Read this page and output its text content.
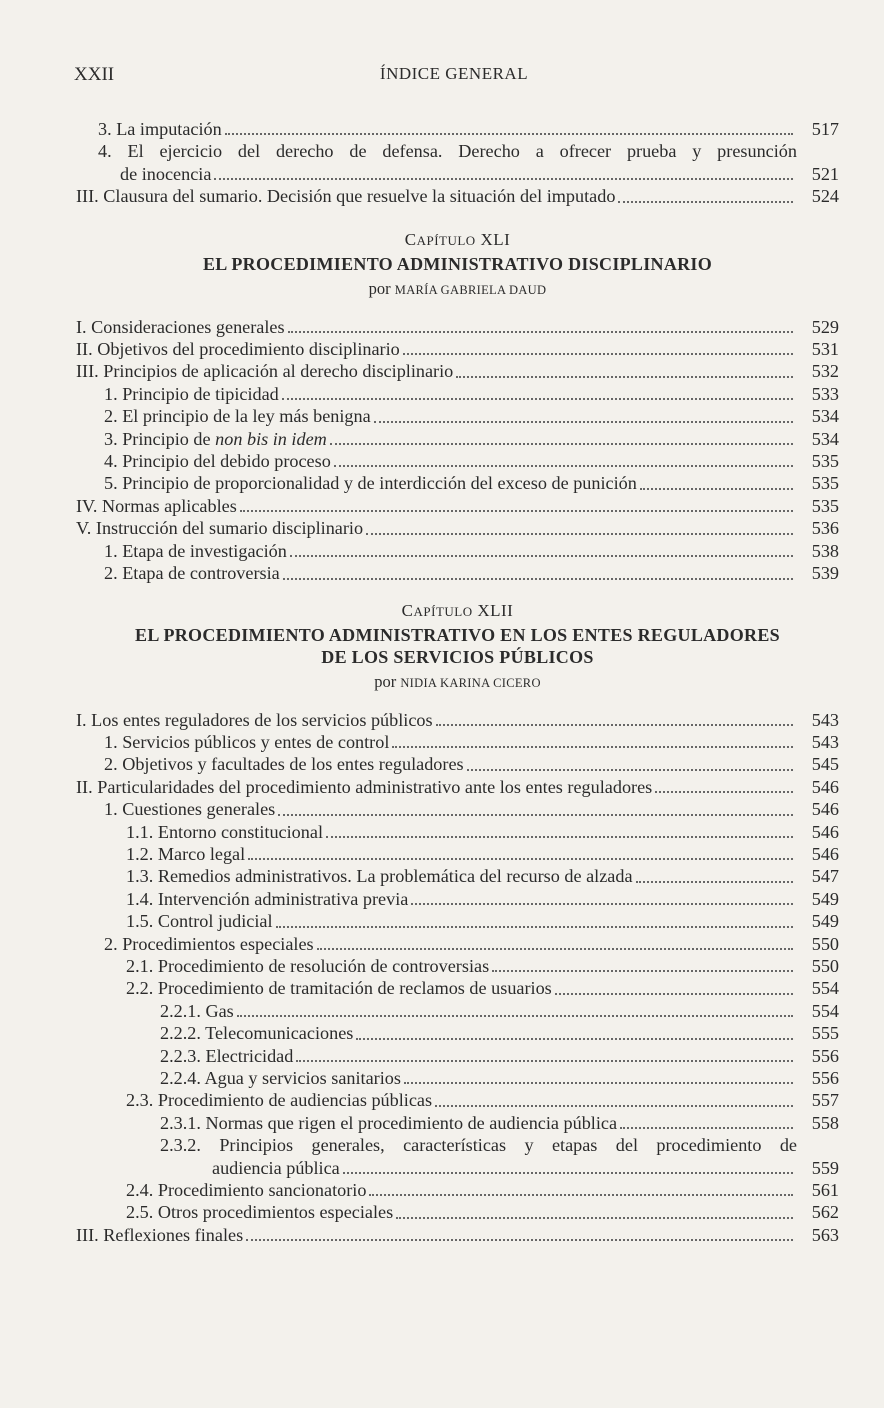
XXII	ÍNDICE GENERAL
3. La imputación	517
4. El ejercicio del derecho de defensa. Derecho a ofrecer prueba y presunción
de inocencia	521
III. Clausura del sumario. Decisión que resuelve la situación del imputado	524
CAPÍTULO XLI
EL PROCEDIMIENTO ADMINISTRATIVO DISCIPLINARIO
por MARÍA GABRIELA DAUD
I. Consideraciones generales	529
II. Objetivos del procedimiento disciplinario	531
III. Principios de aplicación al derecho disciplinario	532
1. Principio de tipicidad	533
2. El principio de la ley más benigna	534
3. Principio de non bis in idem	534
4. Principio del debido proceso	535
5. Principio de proporcionalidad y de interdicción del exceso de punición	535
IV. Normas aplicables	535
V. Instrucción del sumario disciplinario	536
1. Etapa de investigación	538
2. Etapa de controversia	539
CAPÍTULO XLII
EL PROCEDIMIENTO ADMINISTRATIVO EN LOS ENTES REGULADORES
DE LOS SERVICIOS PÚBLICOS
por NIDIA KARINA CICERO
I. Los entes reguladores de los servicios públicos	543
1. Servicios públicos y entes de control	543
2. Objetivos y facultades de los entes reguladores	545
II. Particularidades del procedimiento administrativo ante los entes reguladores	546
1. Cuestiones generales	546
1.1. Entorno constitucional	546
1.2. Marco legal	546
1.3. Remedios administrativos. La problemática del recurso de alzada	547
1.4. Intervención administrativa previa	549
1.5. Control judicial	549
2. Procedimientos especiales	550
2.1. Procedimiento de resolución de controversias	550
2.2. Procedimiento de tramitación de reclamos de usuarios	554
2.2.1. Gas	554
2.2.2. Telecomunicaciones	555
2.2.3. Electricidad	556
2.2.4. Agua y servicios sanitarios	556
2.3. Procedimiento de audiencias públicas	557
2.3.1. Normas que rigen el procedimiento de audiencia pública	558
2.3.2. Principios generales, características y etapas del procedimiento de
audiencia pública	559
2.4. Procedimiento sancionatorio	561
2.5. Otros procedimientos especiales	562
III. Reflexiones finales	563
